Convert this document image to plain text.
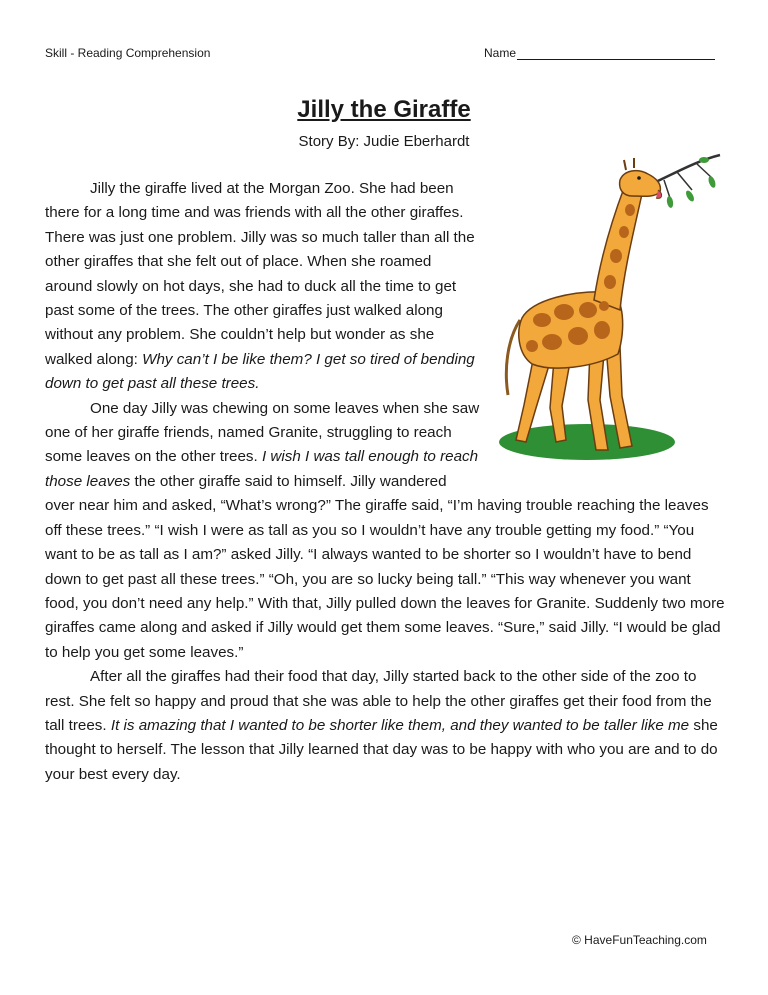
Skill - Reading Comprehension	Name
Jilly the Giraffe
Story By: Judie Eberhardt

Jilly the giraffe lived at the Morgan Zoo. She had been there for a long time and was friends with all the other giraffes. There was just one problem. Jilly was so much taller than all the other giraffes that she felt out of place. When she roamed around slowly on hot days, she had to duck all the time to get past some of the trees. The other giraffes just walked along without any problem. She couldn’t help but wonder as she walked along: Why can’t I be like them? I get so tired of bending down to get past all these trees.

One day Jilly was chewing on some leaves when she saw one of her giraffe friends, named Granite, struggling to reach some leaves on the other trees. I wish I was tall enough to reach those leaves the other giraffe said to himself. Jilly wandered over near him and asked, “What’s wrong?” The giraffe said, “I’m having trouble reaching the leaves off these trees.” “I wish I were as tall as you so I wouldn’t have any trouble getting my food.” “You want to be as tall as I am?” asked Jilly. “I always wanted to be shorter so I wouldn’t have to bend down to get past all these trees.” “Oh, you are so lucky being tall.” “This way whenever you want food, you don’t need any help.” With that, Jilly pulled down the leaves for Granite. Suddenly two more giraffes came along and asked if Jilly would get them some leaves. “Sure,” said Jilly. “I would be glad to help you get some leaves.”

After all the giraffes had their food that day, Jilly started back to the other side of the zoo to rest. She felt so happy and proud that she was able to help the other giraffes get their food from the tall trees. It is amazing that I wanted to be shorter like them, and they wanted to be taller like me she thought to herself. The lesson that Jilly learned that day was to be happy with who you are and to do your best every day.

© HaveFunTeaching.com
